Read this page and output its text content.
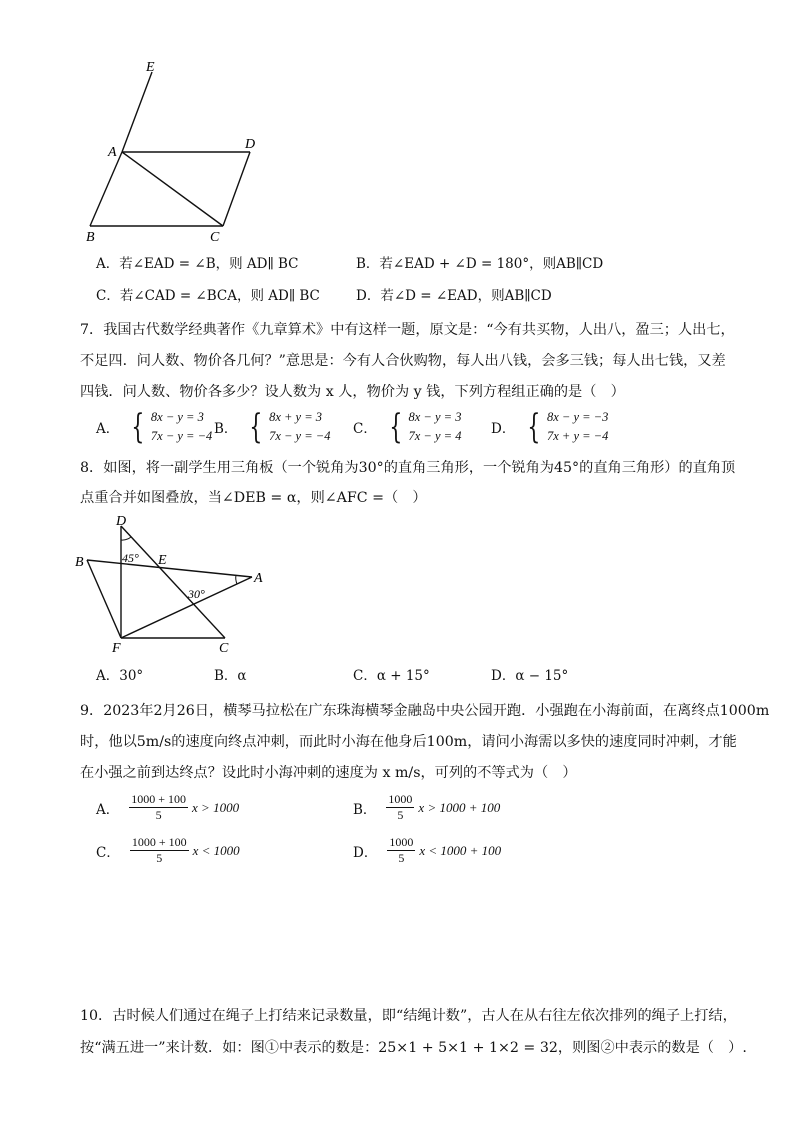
E
A
D
B	C
A．若∠EAD = ∠B，则 AD∥ BC	B．若∠EAD + ∠D = 180°，则AB∥CD
C．若∠CAD = ∠BCA，则 AD∥ BC	D．若∠D = ∠EAD，则AB∥CD
7．我国古代数学经典著作《九章算术》中有这样一题，原文是：“今有共买物，人出八，盈三；人出七，
不足四．问人数、物价各几何？”意思是：今有人合伙购物，每人出八钱，会多三钱；每人出七钱，又差
四钱．问人数、物价各多少？设人数为 x 人，物价为 y 钱，下列方程组正确的是（　）
A． { 8x − y = 3
7x − y = −4 B． { 8x + y = 3
7x − y = −4 C． { 8x − y = 3
7x − y = 4 D． { 8x − y = −3
7x + y = −4
8．如图，将一副学生用三角板（一个锐角为30°的直角三角形，一个锐角为45°的直角三角形）的直角顶
点重合并如图叠放，当∠DEB = α，则∠AFC =（　）
D
B	E
A
F	C
45°
30°
A．30°	B．α	C．α + 15°	D．α − 15°
9．2023年2月26日，横琴马拉松在广东珠海横琴金融岛中央公园开跑．小强跑在小海前面，在离终点1000m
时，他以5m/s的速度向终点冲刺，而此时小海在他身后100m，请问小海需以多快的速度同时冲刺，才能
在小强之前到达终点？设此时小海冲刺的速度为 x m/s，可列的不等式为（　）
A． $\frac{1000 + 100}{5}$ x > 1000	B． $\frac{1000}{5}$ x > 1000 + 100
C． $\frac{1000 + 100}{5}$ x < 1000	D． $\frac{1000}{5}$ x < 1000 + 100
10．古时候人们通过在绳子上打结来记录数量，即“结绳计数”，古人在从右往左依次排列的绳子上打结，
按“满五进一”来计数．如：图①中表示的数是：25×1 + 5×1 + 1×2 = 32，则图②中表示的数是（　）.
